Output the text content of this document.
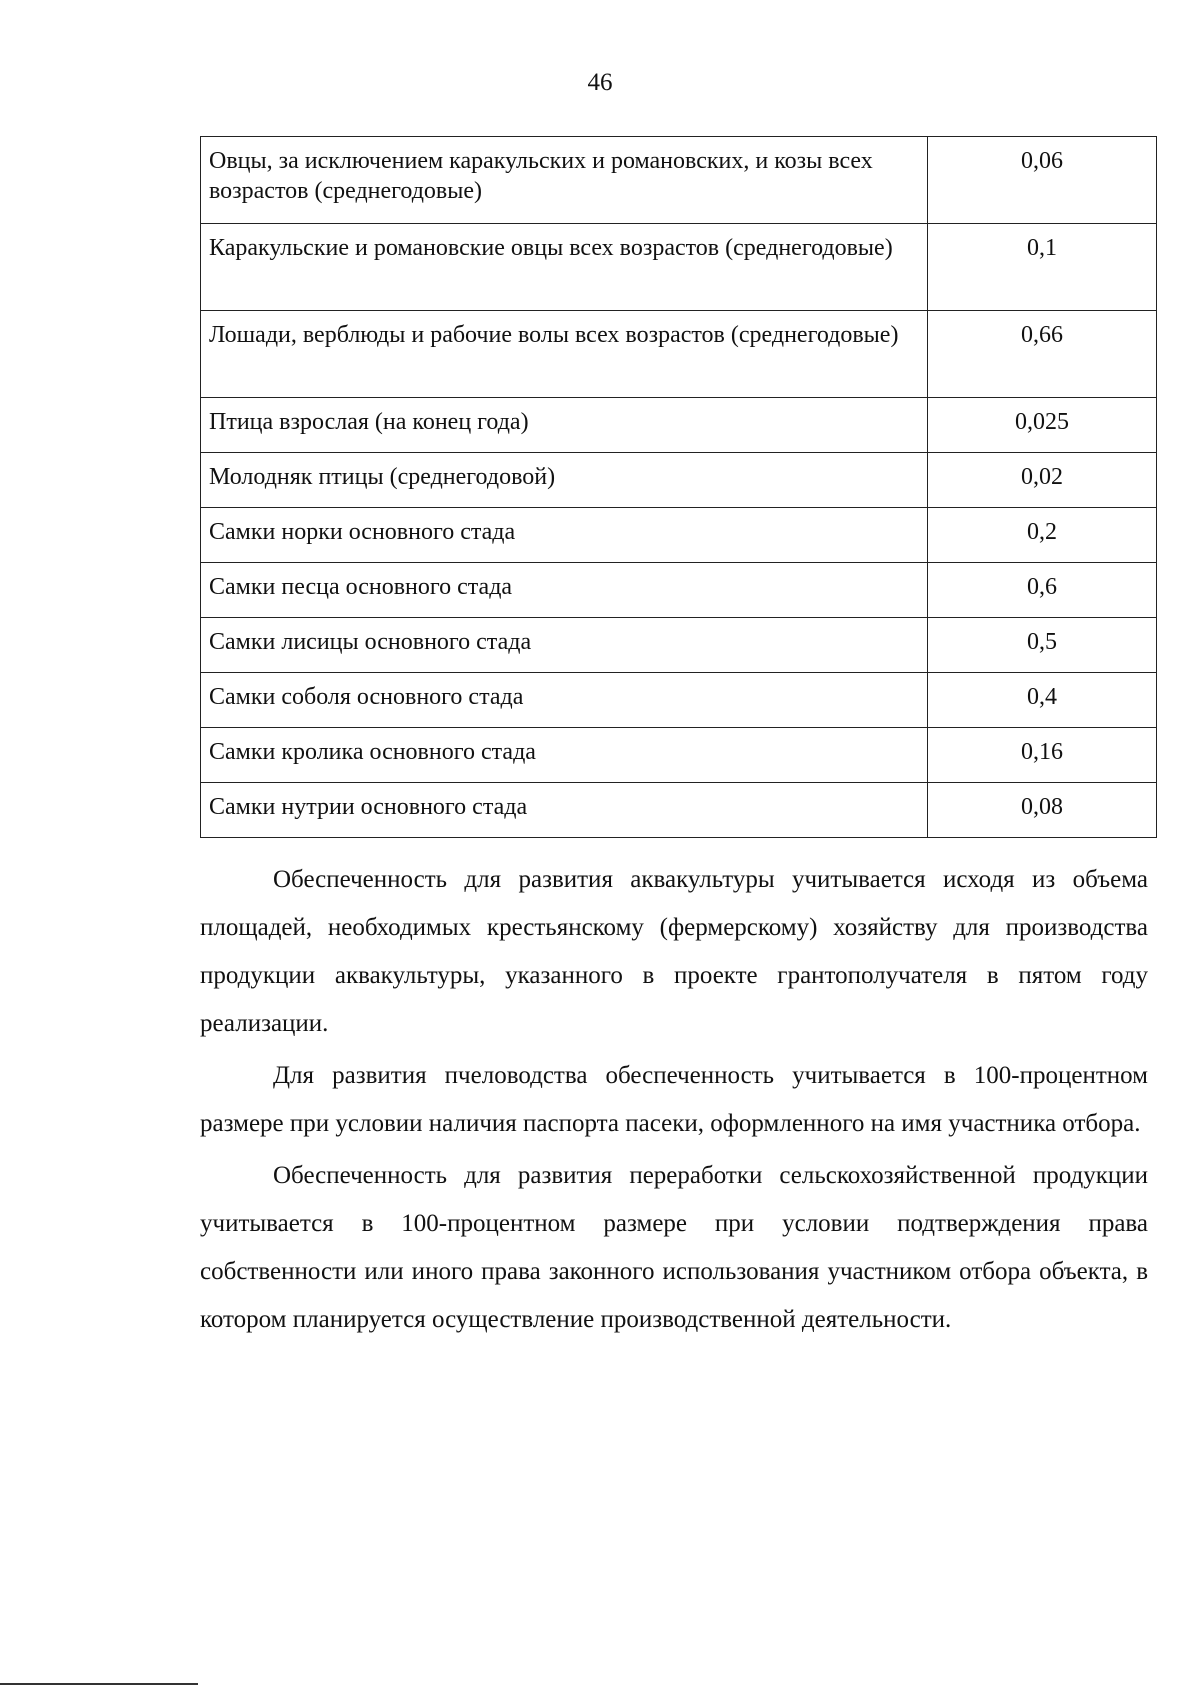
46
Овцы, за исключением каракульских и романовских, и козы всех возрастов (среднегодовые)	0,06
Каракульские и романовские овцы всех возрастов (среднегодовые)	0,1
Лошади, верблюды и рабочие волы всех возрастов (среднегодовые)	0,66
Птица взрослая (на конец года)	0,025
Молодняк птицы (среднегодовой)	0,02
Самки норки основного стада	0,2
Самки песца основного стада	0,6
Самки лисицы основного стада	0,5
Самки соболя основного стада	0,4
Самки кролика основного стада	0,16
Самки нутрии основного стада	0,08

Обеспеченность для развития аквакультуры учитывается исходя из объема площадей, необходимых крестьянскому (фермерскому) хозяйству для производства продукции аквакультуры, указанного в проекте грантополучателя в пятом году реализации.

Для развития пчеловодства обеспеченность учитывается в 100-процентном размере при условии наличия паспорта пасеки, оформленного на имя участника отбора.

Обеспеченность для развития переработки сельскохозяйственной продукции учитывается в 100-процентном размере при условии подтверждения права собственности или иного права законного использования участником отбора объекта, в котором планируется осуществление производственной деятельности.
